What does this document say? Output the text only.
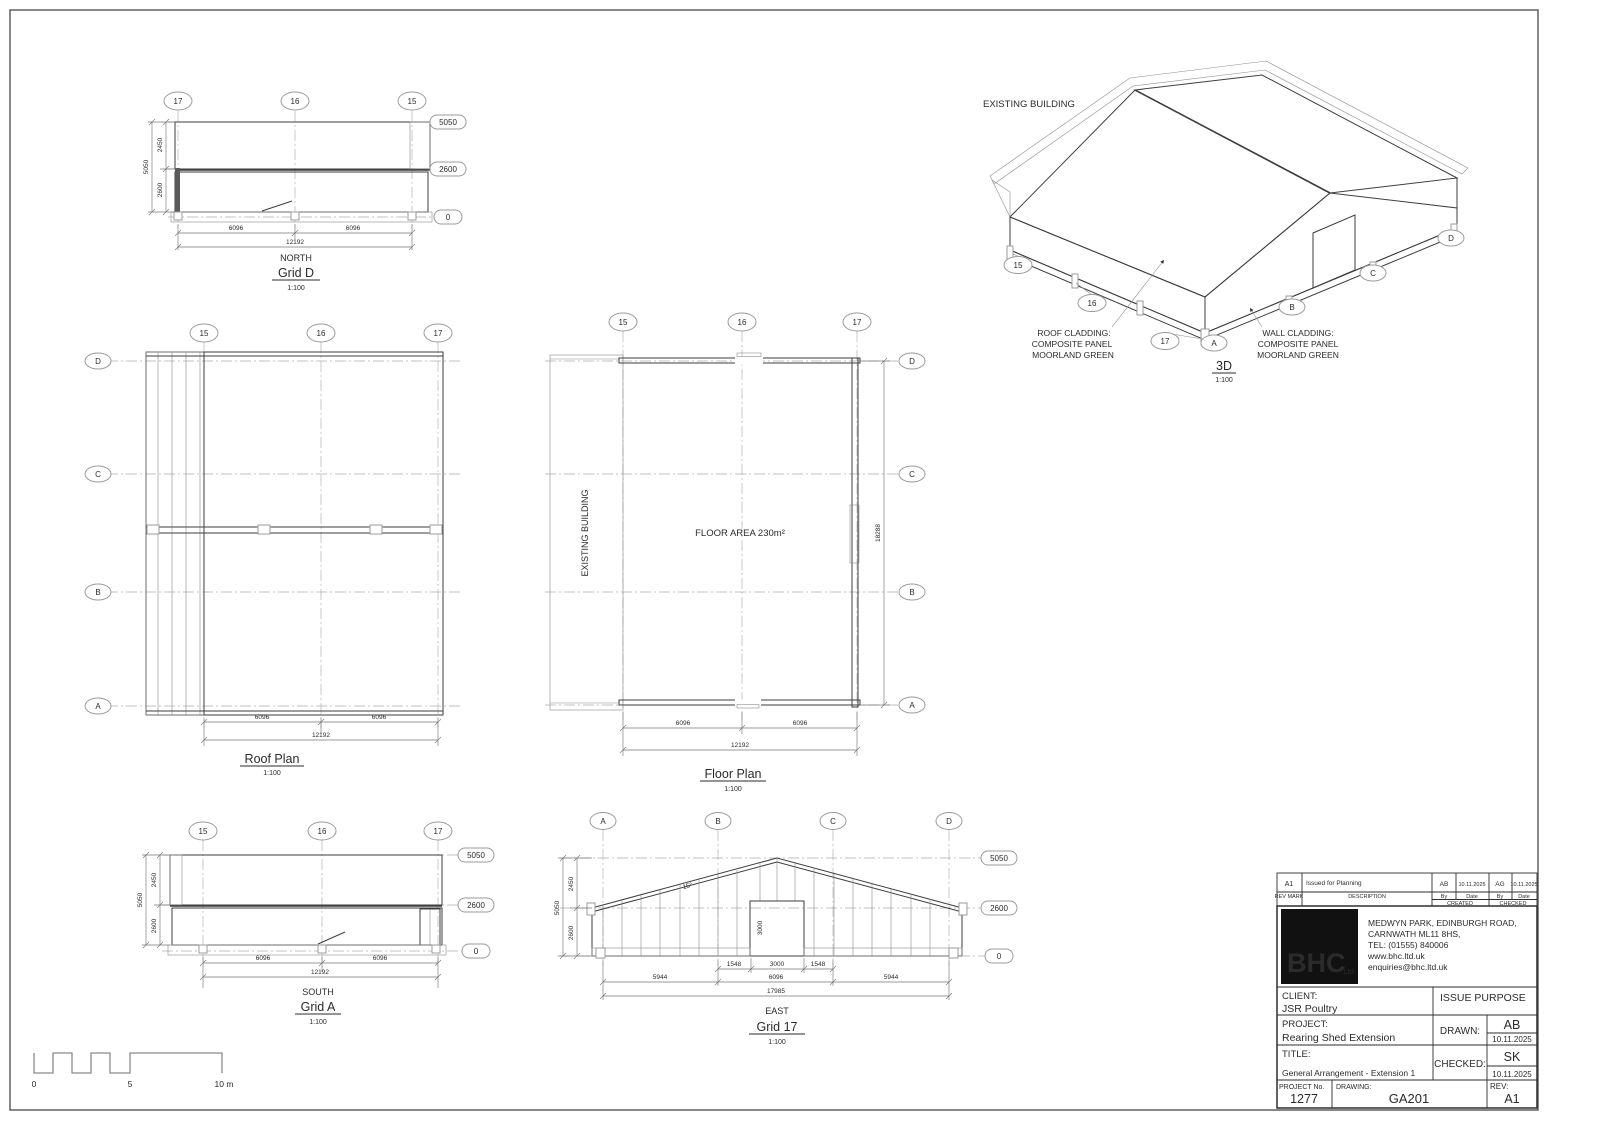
17	16	15
2450
2600
5050
6096	6096
12192
5050
2600
0
NORTH
Grid D
1:100
15	16	17
D
C
B
A
6096	6096
12192
Roof Plan
1:100
15	16	17
D
C
B
A
EXISTING BUILDING	FLOOR AREA 230m²	18288
6096	6096
12192
Floor Plan
1:100
15
16
17	A
B
C
D
EXISTING BUILDING
ROOF CLADDING:
COMPOSITE PANEL
MOORLAND GREEN
WALL CLADDING:
COMPOSITE PANEL
MOORLAND GREEN
3D
1:100
15	16	17
2450
2600
5050
6096	6096
12192
5050
2600
0
SOUTH
Grid A
1:100
A	B	C	D
3000
15°
2450
2600
5050
1548	3000	1548
5944	6096	5944
17985
5050
2600
0
EAST
Grid 17
1:100
0	5	10 m
A1 Issued for Planning	AB 10.11.2025 AG 10.11.2025
REV MARK	DESCRIPTION	By	Date	By	Date
CREATED	CHECKED
BHC
Ltd
MEDWYN PARK, EDINBURGH ROAD,
CARNWATH ML11 8HS,
TEL: (01555) 840006
www.bhc.ltd.uk
enquiries@bhc.ltd.uk
CLIENT:
JSR Poultry
ISSUE PURPOSE
PROJECT:
Rearing Shed Extension
DRAWN: AB
10.11.2025
TITLE:
General Arrangement - Extension 1
CHECKED:
SK
10.11.2025
PROJECT No.
1277
DRAWING:
GA201
REV:
A1
